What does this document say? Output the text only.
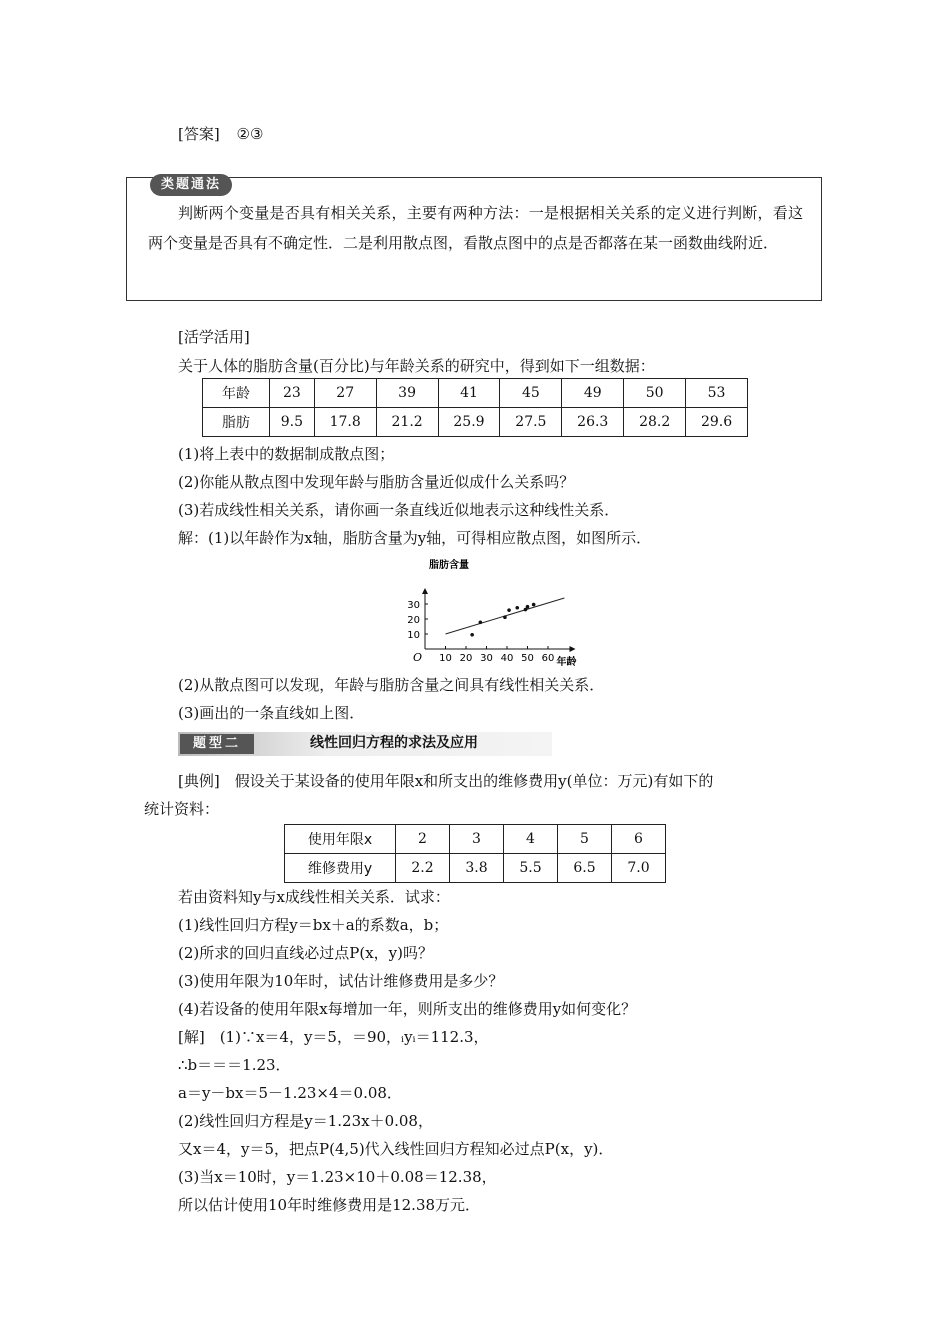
[答案] ②③
类题通法
判断两个变量是否具有相关关系，主要有两种方法：一是根据相关关系的定义进行判断，看这两个变量是否具有不确定性．二是利用散点图，看散点图中的点是否都落在某一函数曲线附近．
[活学活用]
关于人体的脂肪含量(百分比)与年龄关系的研究中，得到如下一组数据：
年龄	23	27	39	41	45	49	50	53
脂肪	9.5	17.8	21.2	25.9	27.5	26.3	28.2	29.6
(1)将上表中的数据制成散点图；
(2)你能从散点图中发现年龄与脂肪含量近似成什么关系吗？
(3)若成线性相关关系，请你画一条直线近似地表示这种线性关系．
解：(1)以年龄作为x轴，脂肪含量为y轴，可得相应散点图，如图所示．
O 10 20 30 40 50 60
10
20
30
年龄
脂肪含量
(2)从散点图可以发现，年龄与脂肪含量之间具有线性相关关系．
(3)画出的一条直线如上图．
题型二	线性回归方程的求法及应用
[典例]　假设关于某设备的使用年限x和所支出的维修费用y(单位：万元)有如下的
统计资料：
使用年限x	2	3	4	5	6
维修费用y	2.2	3.8	5.5	6.5	7.0
若由资料知y与x成线性相关关系．试求：
(1)线性回归方程y＝bx＋a的系数a，b；
(2)所求的回归直线必过点P(x，y)吗？
(3)使用年限为10年时，试估计维修费用是多少？
(4)若设备的使用年限x每增加一年，则所支出的维修费用y如何变化？
[解]　(1)∵x＝4，y＝5，＝90，ᵢyᵢ＝112.3，
∴b＝＝＝1.23．
a＝y－bx＝5－1.23×4＝0.08．
(2)线性回归方程是y＝1.23x＋0.08，
又x＝4，y＝5，把点P(4,5)代入线性回归方程知必过点P(x，y)．
(3)当x＝10时，y＝1.23×10＋0.08＝12.38，
所以估计使用10年时维修费用是12.38万元．
